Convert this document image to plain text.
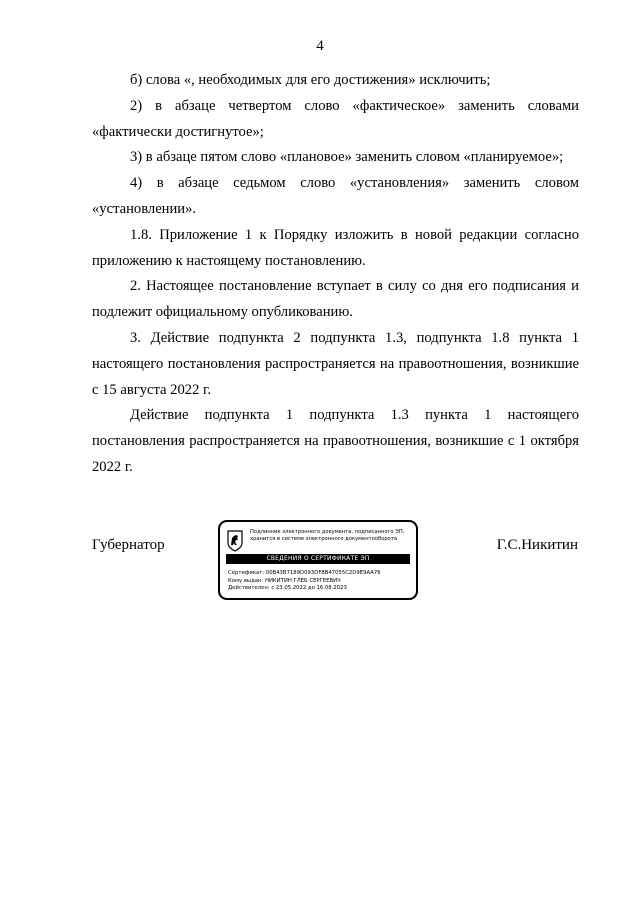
4

б) слова «, необходимых для его достижения» исключить;

2) в абзаце четвертом слово «фактическое» заменить словами «фактически достигнутое»;

3) в абзаце пятом слово «плановое» заменить словом «планируемое»;

4) в абзаце седьмом слово «установления» заменить словом «установлении».

1.8. Приложение 1 к Порядку изложить в новой редакции согласно приложению к настоящему постановлению.

2. Настоящее постановление вступает в силу со дня его подписания и подлежит официальному опубликованию.

3. Действие подпункта 2 подпункта 1.3, подпункта 1.8 пункта 1 настоящего постановления распространяется на правоотношения, возникшие с 15 августа 2022 г.

Действие подпункта 1 подпункта 1.3 пункта 1 настоящего постановления распространяется на правоотношения, возникшие с 1 октября 2022 г.

Губернатор
Подлинник электронного документа, подписанного ЭП, хранится в системе электронного документооборота
СВЕДЕНИЯ О СЕРТИФИКАТЕ ЭП
Сертификат: 00B43B7189D093DF8B47055C2D9E9AA76
Кому выдан: НИКИТИН ГЛЕБ СЕРГЕЕВИЧ
Действителен: с 23.05.2022 до 16.08.2023
Г.С.Никитин
